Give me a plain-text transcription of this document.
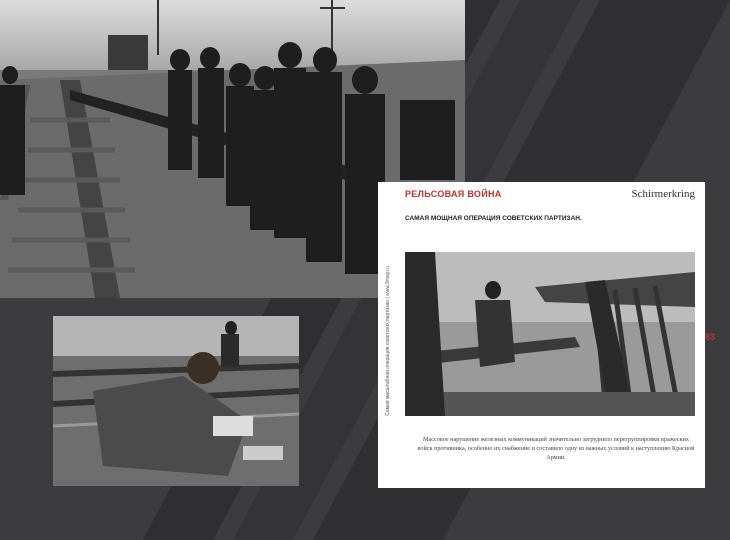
РЕЛЬСОВАЯ ВОЙНА	Schirmerkring
САМАЯ МОЩНАЯ ОПЕРАЦИЯ СОВЕТСКИХ ПАРТИЗАН.
Самая масштабная операция советских партизан | www.9may.ru	83
Массовое нарушение железных коммуникаций значительно затруднило перегруппировки вражеских войск противника, особенно их снабжение и составило одну из важных условий к наступлению Красной Армии.
